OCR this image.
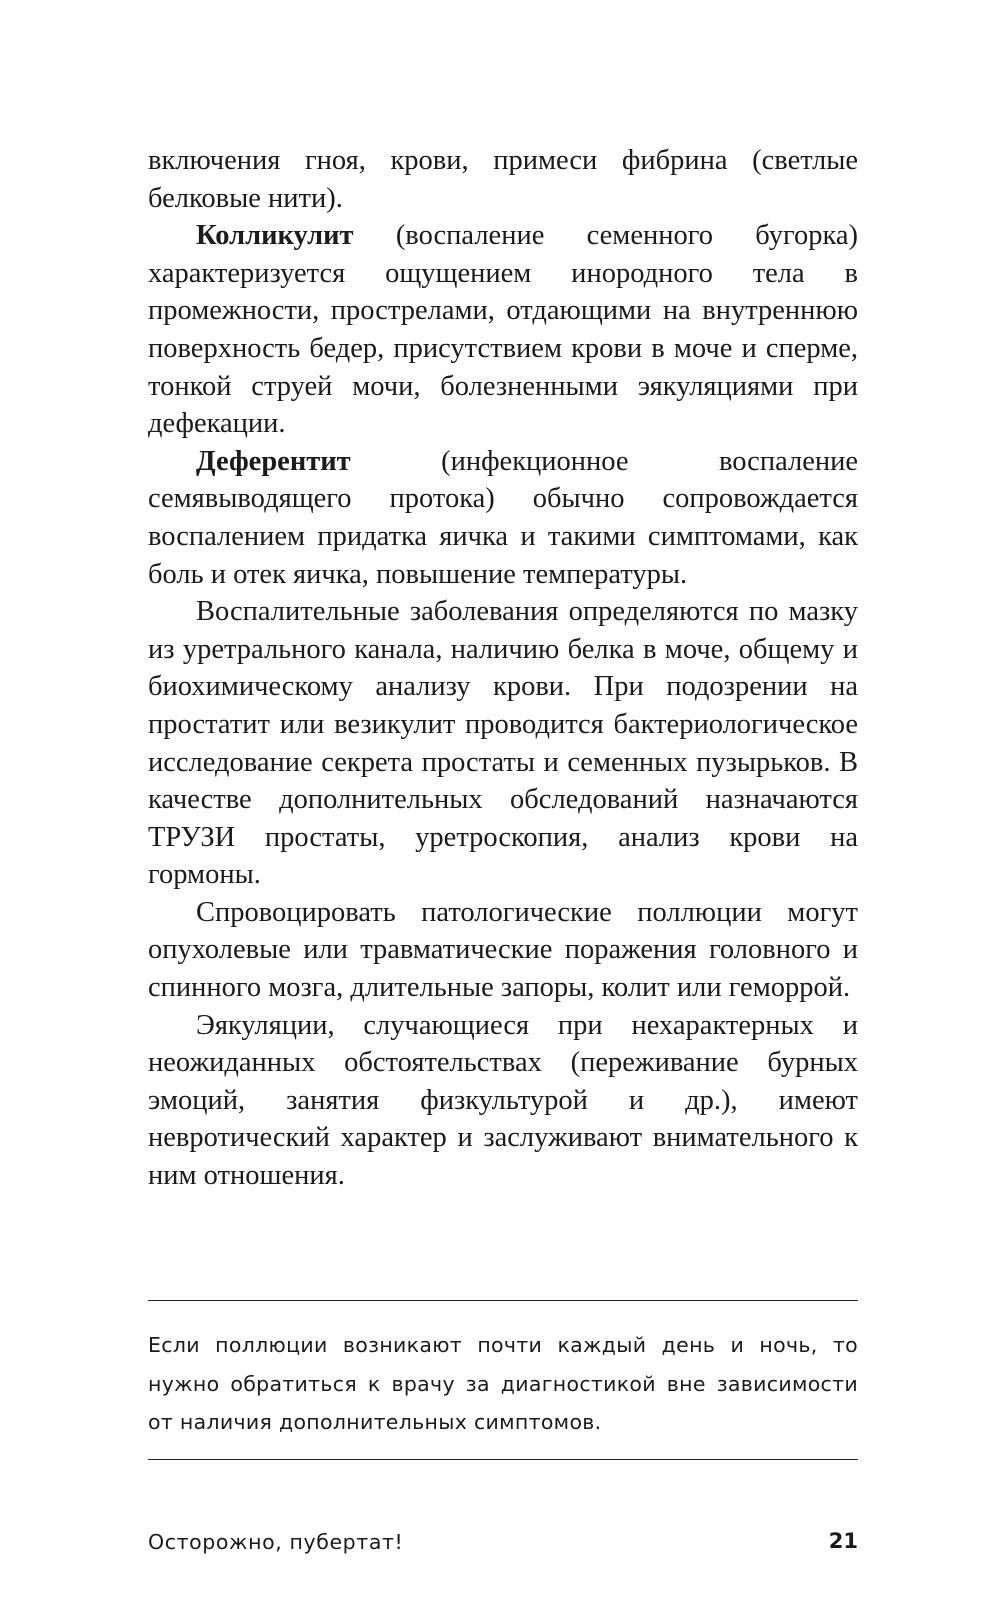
включения гноя, крови, примеси фибрина (светлые белковые нити).

Колликулит (воспаление семенного бугорка) характеризуется ощущением инородного тела в промежности, прострелами, отдающими на внутреннюю поверхность бедер, присутствием крови в моче и сперме, тонкой струей мочи, болезненными эякуляциями при дефекации.

Деферентит (инфекционное воспаление семявыводящего протока) обычно сопровождается воспалением придатка яичка и такими симптомами, как боль и отек яичка, повышение температуры.

Воспалительные заболевания определяются по мазку из уретрального канала, наличию белка в моче, общему и биохимическому анализу крови. При подозрении на простатит или везикулит проводится бактериологическое исследование секрета простаты и семенных пузырьков. В качестве дополнительных обследований назначаются ТРУЗИ простаты, уретроскопия, анализ крови на гормоны.

Спровоцировать патологические поллюции могут опухолевые или травматические поражения головного и спинного мозга, длительные запоры, колит или геморрой.

Эякуляции, случающиеся при нехарактерных и неожиданных обстоятельствах (переживание бурных эмоций, занятия физкультурой и др.), имеют невротический характер и заслуживают внимательного к ним отношения.

Если поллюции возникают почти каждый день и ночь, то нужно обратиться к врачу за диагностикой вне зависимости от наличия дополнительных симптомов.
Осторожно, пубертат!	21
